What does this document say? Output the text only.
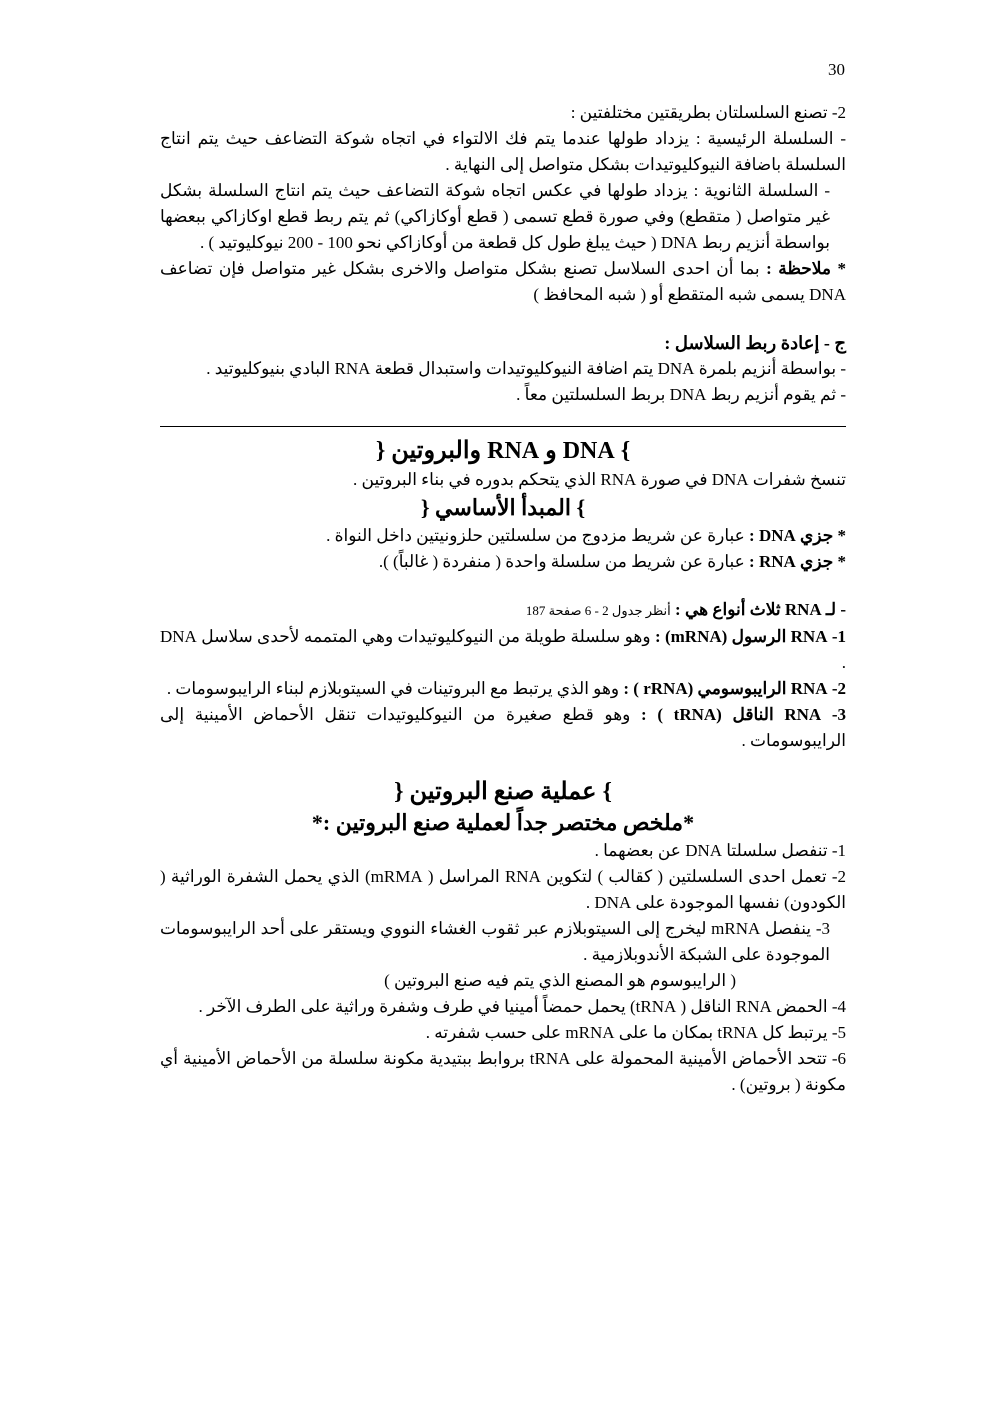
30

2- تصنع السلسلتان بطريقتين مختلفتين :

- السلسلة الرئيسية : يزداد طولها عندما يتم فك الالتواء في اتجاه شوكة التضاعف حيث يتم انتاج السلسلة باضافة النيوكليوتيدات بشكل متواصل إلى النهاية .

- السلسلة الثانوية : يزداد طولها في عكس اتجاه شوكة التضاعف حيث يتم انتاج السلسلة بشكل غير متواصل ( متقطع) وفي صورة قطع تسمى ( قطع أوكازاكي) ثم يتم ربط قطع اوكازاكي ببعضها بواسطة أنزيم ربط DNA ( حيث يبلغ طول كل قطعة من أوكازاكي نحو 100 - 200 نيوكليوتيد ) .

* ملاحظة : بما أن احدى السلاسل تصنع بشكل متواصل والاخرى بشكل غير متواصل فإن تضاعف DNA يسمى شبه المتقطع أو ( شبه المحافظ )

ج - إعادة ربط السلاسل :

- بواسطة أنزيم بلمرة DNA يتم اضافة النيوكليوتيدات واستبدال قطعة RNA البادي بنيوكليوتيد .

- ثم يقوم أنزيم ربط DNA بربط السلسلتين معاً .

} DNA و RNA والبروتين {

تنسخ شفرات DNA في صورة RNA الذي يتحكم بدوره في بناء البروتين .

} المبدأ الأساسي {

* جزي DNA : عبارة عن شريط مزدوج من سلسلتين حلزونيتين داخل النواة .

* جزي RNA : عبارة عن شريط من سلسلة واحدة ( منفردة ( غالباً) ).

- لـ RNA ثلاث أنواع هي : أنظر جدول 2 - 6 صفحة 187

1- RNA الرسول (mRNA) : وهو سلسلة طويلة من النيوكليوتيدات وهي المتممه لأحدى سلاسل DNA .

2- RNA الرايبوسومي (rRNA ) : وهو الذي يرتبط مع البروتينات في السيتوبلازم لبناء الرايبوسومات .

3- RNA الناقل (tRNA ) : وهو قطع صغيرة من النيوكليوتيدات تنقل الأحماض الأمينية إلى الرايبوسومات .

} عملية صنع البروتين {

*ملخص مختصر جداً لعملية صنع البروتين :*

1- تنفصل سلسلتا DNA عن بعضهما .

2- تعمل احدى السلسلتين ( كقالب ) لتكوين RNA المراسل ( mRMA) الذي يحمل الشفرة الوراثية ( الكودون) نفسها الموجودة على DNA .

3- ينفصل mRNA ليخرج إلى السيتوبلازم عبر ثقوب الغشاء النووي ويستقر على أحد الرايبوسومات الموجودة على الشبكة الأندوبلازمية .

( الرايبوسوم هو المصنع الذي يتم فيه صنع البروتين )

4- الحمض RNA الناقل ( tRNA) يحمل حمضاً أمينيا في طرف وشفرة وراثية على الطرف الآخر .

5- يرتبط كل tRNA بمكان ما على mRNA على حسب شفرته .

6- تتحد الأحماض الأمينية المحمولة على tRNA بروابط ببتيدية مكونة سلسلة من الأحماض الأمينية أي مكونة ( بروتين) .
